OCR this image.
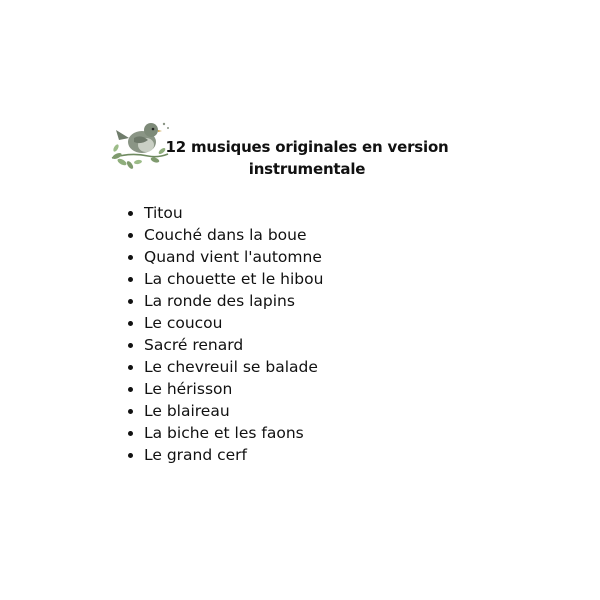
12 musiques originales en version instrumentale
Titou
Couché dans la boue
Quand vient l'automne
La chouette et le hibou
La ronde des lapins
Le coucou
Sacré renard
Le chevreuil se balade
Le hérisson
Le blaireau
La biche et les faons
Le grand cerf
